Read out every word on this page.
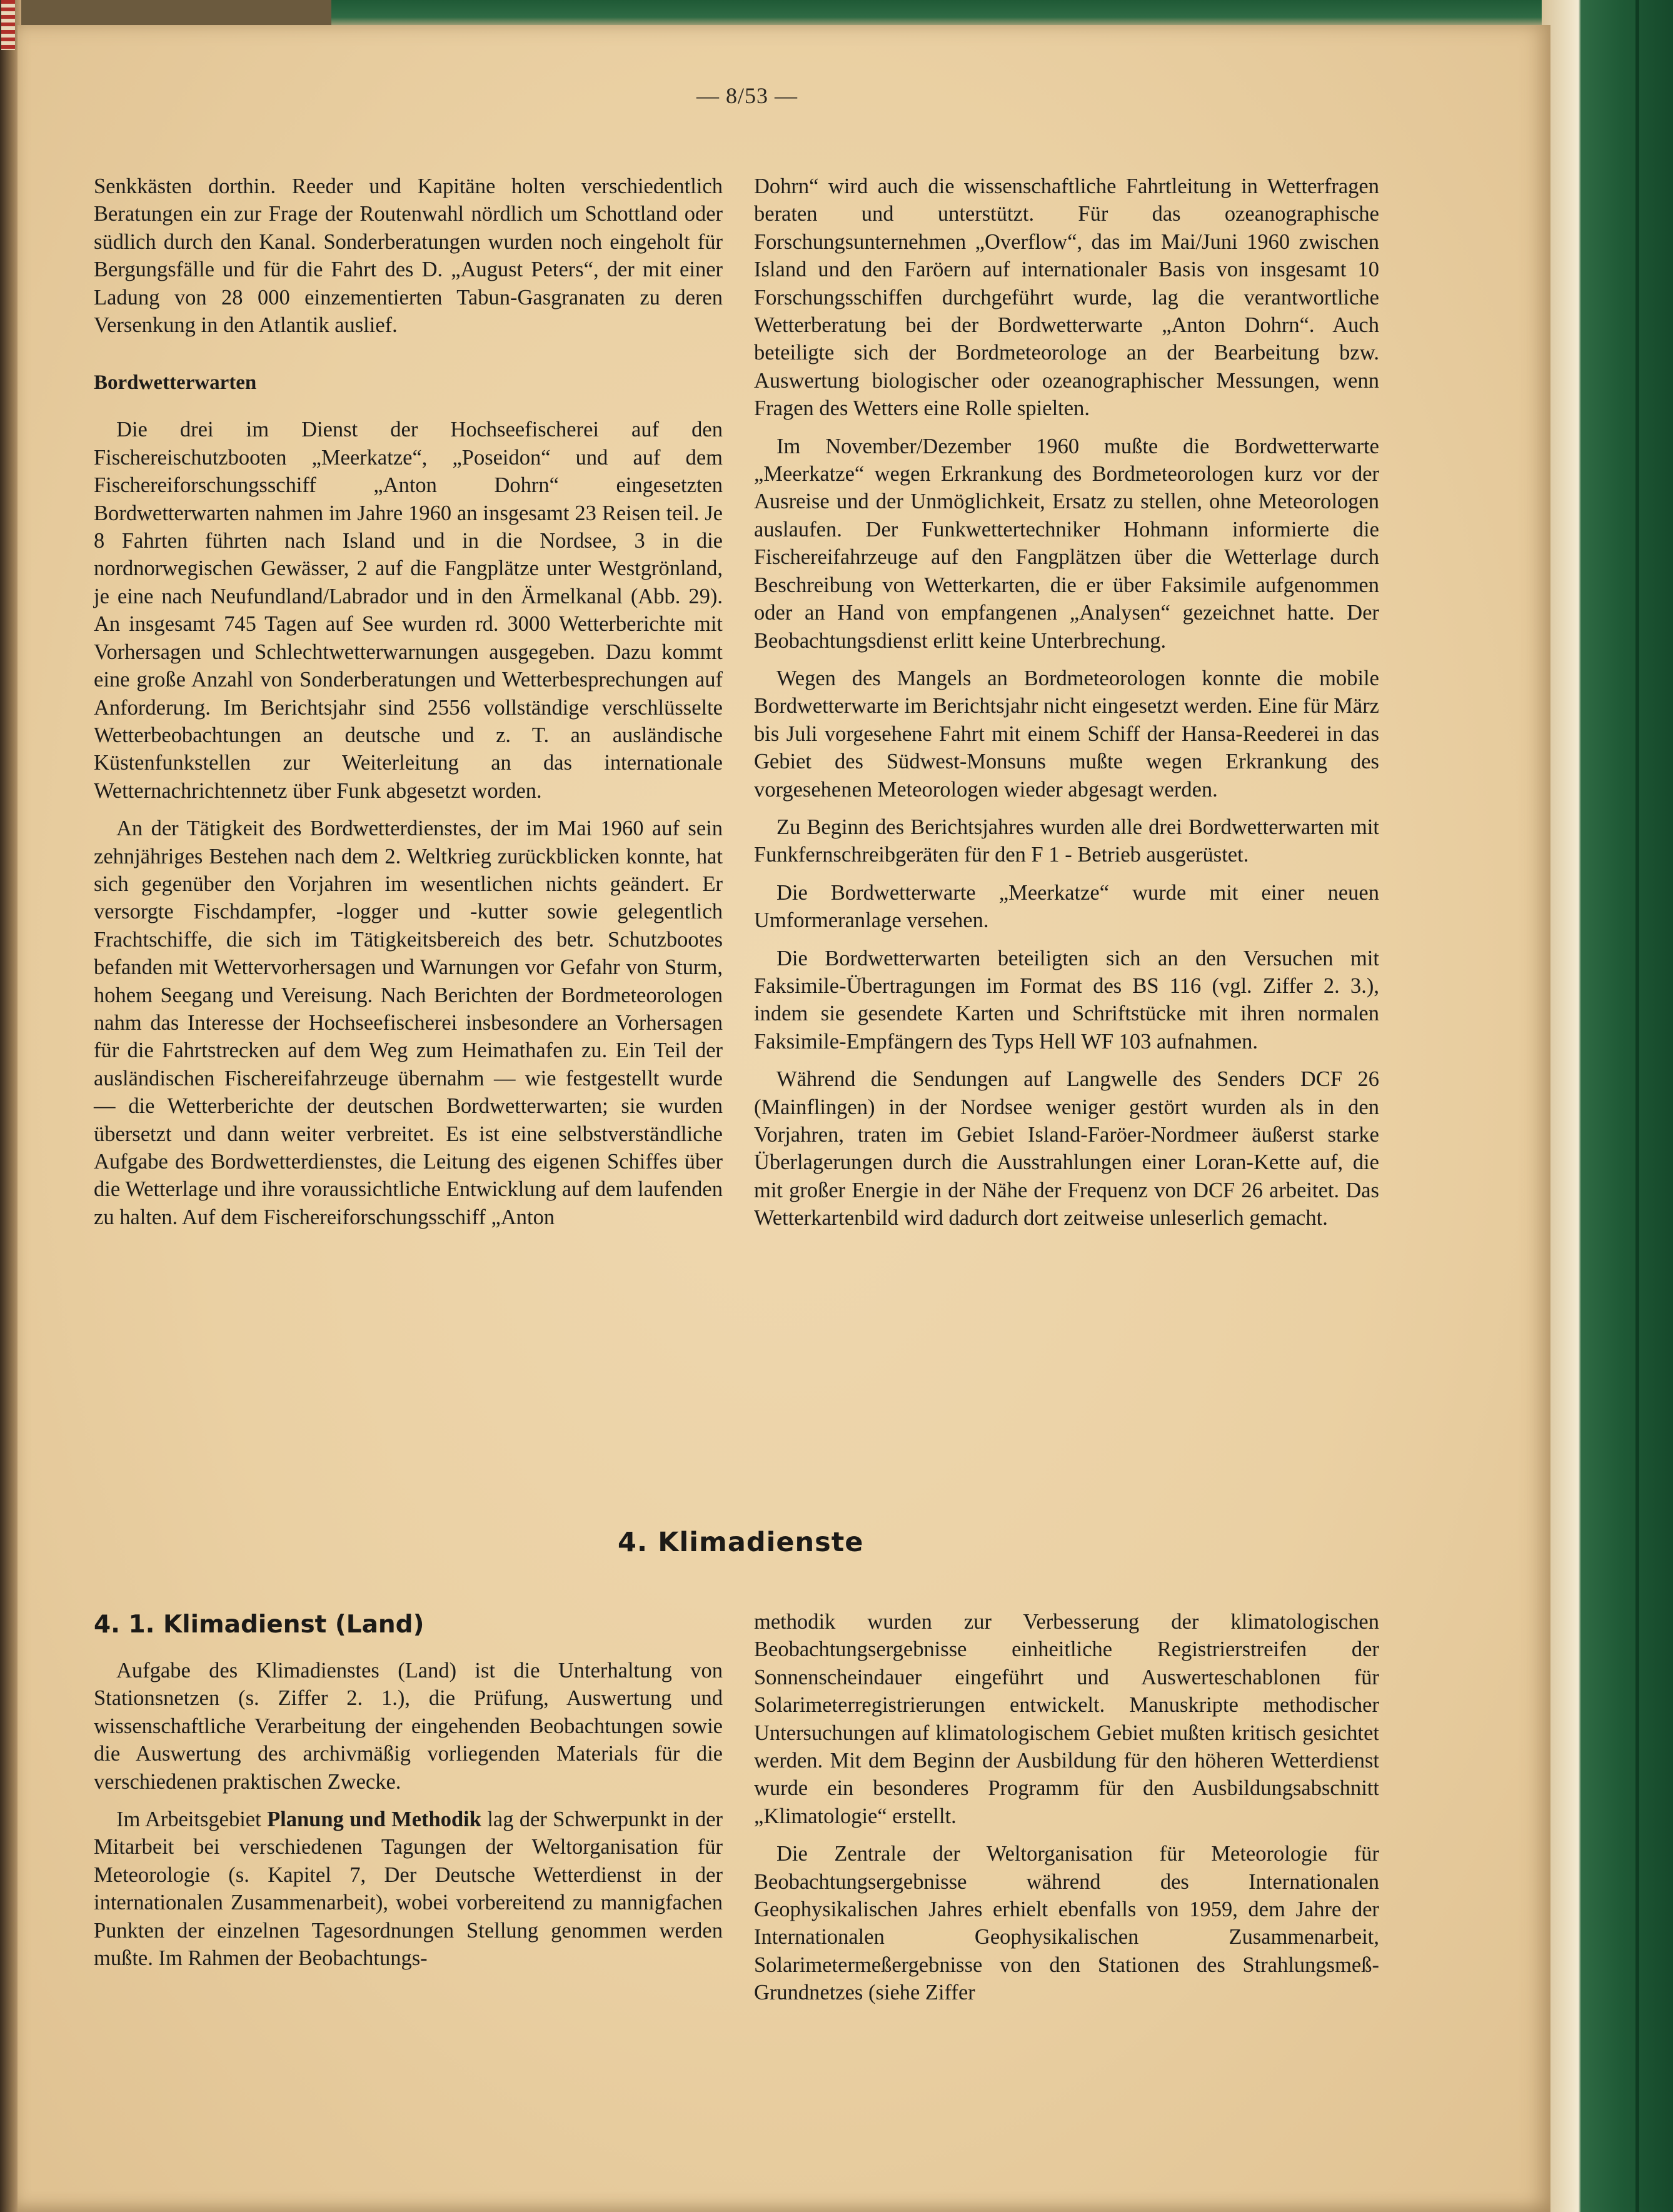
— 8/53 —

Senkkästen dorthin. Reeder und Kapitäne holten verschiedentlich Beratungen ein zur Frage der Routenwahl nördlich um Schottland oder südlich durch den Kanal. Sonderberatungen wurden noch eingeholt für Bergungsfälle und für die Fahrt des D. „August Peters“, der mit einer Ladung von 28 000 einzementierten Tabun-Gasgranaten zu deren Versenkung in den Atlantik auslief.

Bordwetterwarten

Die drei im Dienst der Hochseefischerei auf den Fischereischutzbooten „Meerkatze“, „Poseidon“ und auf dem Fischereiforschungsschiff „Anton Dohrn“ eingesetzten Bordwetterwarten nahmen im Jahre 1960 an insgesamt 23 Reisen teil. Je 8 Fahrten führten nach Island und in die Nordsee, 3 in die nordnorwegischen Gewässer, 2 auf die Fangplätze unter Westgrönland, je eine nach Neufundland/Labrador und in den Ärmelkanal (Abb. 29). An insgesamt 745 Tagen auf See wurden rd. 3000 Wetterberichte mit Vorhersagen und Schlechtwetterwarnungen ausgegeben. Dazu kommt eine große Anzahl von Sonderberatungen und Wetterbesprechungen auf Anforderung. Im Berichtsjahr sind 2556 vollständige verschlüsselte Wetterbeobachtungen an deutsche und z. T. an ausländische Küstenfunkstellen zur Weiterleitung an das internationale Wetternachrichtennetz über Funk abgesetzt worden.

An der Tätigkeit des Bordwetterdienstes, der im Mai 1960 auf sein zehnjähriges Bestehen nach dem 2. Weltkrieg zurückblicken konnte, hat sich gegenüber den Vorjahren im wesentlichen nichts geändert. Er versorgte Fischdampfer, -logger und -kutter sowie gelegentlich Frachtschiffe, die sich im Tätigkeitsbereich des betr. Schutzbootes befanden mit Wettervorhersagen und Warnungen vor Gefahr von Sturm, hohem Seegang und Vereisung. Nach Berichten der Bordmeteorologen nahm das Interesse der Hochseefischerei insbesondere an Vorhersagen für die Fahrtstrecken auf dem Weg zum Heimathafen zu. Ein Teil der ausländischen Fischereifahrzeuge übernahm — wie festgestellt wurde — die Wetterberichte der deutschen Bordwetterwarten; sie wurden übersetzt und dann weiter verbreitet. Es ist eine selbstverständliche Aufgabe des Bordwetterdienstes, die Leitung des eigenen Schiffes über die Wetterlage und ihre voraussichtliche Entwicklung auf dem laufenden zu halten. Auf dem Fischereiforschungsschiff „Anton

Dohrn“ wird auch die wissenschaftliche Fahrtleitung in Wetterfragen beraten und unterstützt. Für das ozeanographische Forschungsunternehmen „Overflow“, das im Mai/Juni 1960 zwischen Island und den Faröern auf internationaler Basis von insgesamt 10 Forschungsschiffen durchgeführt wurde, lag die verantwortliche Wetterberatung bei der Bordwetterwarte „Anton Dohrn“. Auch beteiligte sich der Bordmeteorologe an der Bearbeitung bzw. Auswertung biologischer oder ozeanographischer Messungen, wenn Fragen des Wetters eine Rolle spielten.

Im November/Dezember 1960 mußte die Bordwetterwarte „Meerkatze“ wegen Erkrankung des Bordmeteorologen kurz vor der Ausreise und der Unmöglichkeit, Ersatz zu stellen, ohne Meteorologen auslaufen. Der Funkwettertechniker Hohmann informierte die Fischereifahrzeuge auf den Fangplätzen über die Wetterlage durch Beschreibung von Wetterkarten, die er über Faksimile aufgenommen oder an Hand von empfangenen „Analysen“ gezeichnet hatte. Der Beobachtungsdienst erlitt keine Unterbrechung.

Wegen des Mangels an Bordmeteorologen konnte die mobile Bordwetterwarte im Berichtsjahr nicht eingesetzt werden. Eine für März bis Juli vorgesehene Fahrt mit einem Schiff der Hansa-Reederei in das Gebiet des Südwest-Monsuns mußte wegen Erkrankung des vorgesehenen Meteorologen wieder abgesagt werden.

Zu Beginn des Berichtsjahres wurden alle drei Bordwetterwarten mit Funkfernschreibgeräten für den F 1 - Betrieb ausgerüstet.

Die Bordwetterwarte „Meerkatze“ wurde mit einer neuen Umformeranlage versehen.

Die Bordwetterwarten beteiligten sich an den Versuchen mit Faksimile-Übertragungen im Format des BS 116 (vgl. Ziffer 2. 3.), indem sie gesendete Karten und Schriftstücke mit ihren normalen Faksimile-Empfängern des Typs Hell WF 103 aufnahmen.

Während die Sendungen auf Langwelle des Senders DCF 26 (Mainflingen) in der Nordsee weniger gestört wurden als in den Vorjahren, traten im Gebiet Island-Faröer-Nordmeer äußerst starke Überlagerungen durch die Ausstrahlungen einer Loran-Kette auf, die mit großer Energie in der Nähe der Frequenz von DCF 26 arbeitet. Das Wetterkartenbild wird dadurch dort zeitweise unleserlich gemacht.

4. Klimadienste
4. 1. Klimadienst (Land)

Aufgabe des Klimadienstes (Land) ist die Unterhaltung von Stationsnetzen (s. Ziffer 2. 1.), die Prüfung, Auswertung und wissenschaftliche Verarbeitung der eingehenden Beobachtungen sowie die Auswertung des archivmäßig vorliegenden Materials für die verschiedenen praktischen Zwecke.

Im Arbeitsgebiet Planung und Methodik lag der Schwerpunkt in der Mitarbeit bei verschiedenen Tagungen der Weltorganisation für Meteorologie (s. Kapitel 7, Der Deutsche Wetterdienst in der internationalen Zusammenarbeit), wobei vorbereitend zu mannigfachen Punkten der einzelnen Tagesordnungen Stellung genommen werden mußte. Im Rahmen der Beobachtungs-

methodik wurden zur Verbesserung der klimatologischen Beobachtungsergebnisse einheitliche Registrierstreifen der Sonnenscheindauer eingeführt und Auswerteschablonen für Solarimeterregistrierungen entwickelt. Manuskripte methodischer Untersuchungen auf klimatologischem Gebiet mußten kritisch gesichtet werden. Mit dem Beginn der Ausbildung für den höheren Wetterdienst wurde ein besonderes Programm für den Ausbildungsabschnitt „Klimatologie“ erstellt.

Die Zentrale der Weltorganisation für Meteorologie für Beobachtungsergebnisse während des Internationalen Geophysikalischen Jahres erhielt ebenfalls von 1959, dem Jahre der Internationalen Geophysikalischen Zusammenarbeit, Solarimetermeßergebnisse von den Stationen des Strahlungsmeß-Grundnetzes (siehe Ziffer
